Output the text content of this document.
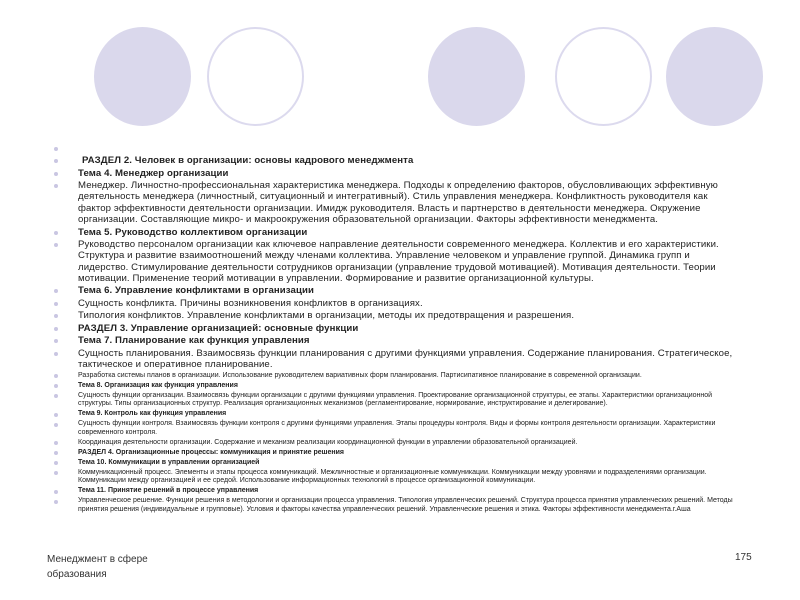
РАЗДЕЛ 2. Человек в организации: основы кадрового менеджмента
Тема 4. Менеджер организации
Менеджер. Личностно-профессиональная характеристика менеджера. Подходы к определению факторов, обусловливающих эффективную деятельность менеджера (личностный, ситуационный и интегративный). Стиль управления менеджера. Конфликтность руководителя как фактор эффективности деятельности организации. Имидж руководителя. Власть и партнерство в деятельности менеджера. Окружение организации. Составляющие микро- и макроокружения образовательной организации. Факторы эффективности менеджмента.
Тема 5. Руководство коллективом организации
Руководство персоналом организации как ключевое направление деятельности современного менеджера. Коллектив и его характеристики. Структура и развитие взаимоотношений между членами коллектива. Управление человеком и управление группой. Динамика групп и лидерство. Стимулирование деятельности сотрудников организации (управление трудовой мотивацией). Мотивация деятельности. Теории мотивации. Применение теорий мотивации в управлении. Формирование и развитие организационной культуры.
Тема 6. Управление конфликтами в организации
Сущность конфликта. Причины возникновения конфликтов в организациях.
Типология конфликтов. Управление конфликтами в организации, методы их предотвращения и разрешения.
РАЗДЕЛ 3. Управление организацией: основные функции
Тема 7. Планирование как функция управления
Сущность планирования. Взаимосвязь функции планирования с другими функциями управления. Содержание планирования. Стратегическое, тактическое и оперативное планирование.
Разработка системы планов в организации. Использование руководителем вариативных форм планирования. Партисипативное планирование в современной организации.
Тема 8. Организация как функция управления
Сущность функции организации. Взаимосвязь функции организации с другими функциями управления. Проектирование организационной структуры, ее этапы. Характеристики организационной структуры. Типы организационных структур. Реализация организационных механизмов (регламентирование, нормирование, инструктирование и делегирование).
Тема 9. Контроль как функция управления
Сущность функции контроля. Взаимосвязь функции контроля с другими функциями управления. Этапы процедуры контроля. Виды и формы контроля деятельности организации. Характеристики современного контроля.
Координация деятельности организации. Содержание и механизм реализации координационной функции в управлении образовательной организацией.
РАЗДЕЛ 4. Организационные процессы: коммуникация и принятие решения
Тема 10. Коммуникации в управлении организацией
Коммуникационный процесс. Элементы и этапы процесса коммуникаций. Межличностные и организационные коммуникации. Коммуникации между уровнями и подразделениями организации. Коммуникации между организацией и ее средой. Использование информационных технологий в процессе организационной коммуникации.
Тема 11. Принятие решений в процессе управления
Управленческое решение. Функции решения в методологии и организации процесса управления. Типология управленческих решений. Структура процесса принятия управленческих решений. Методы принятия решения (индивидуальные и групповые). Условия и факторы качества управленческих решений. Управленческие решения и этика. Факторы эффективности менеджмента.г.Аша
Менеджмент в сфере образования
175
